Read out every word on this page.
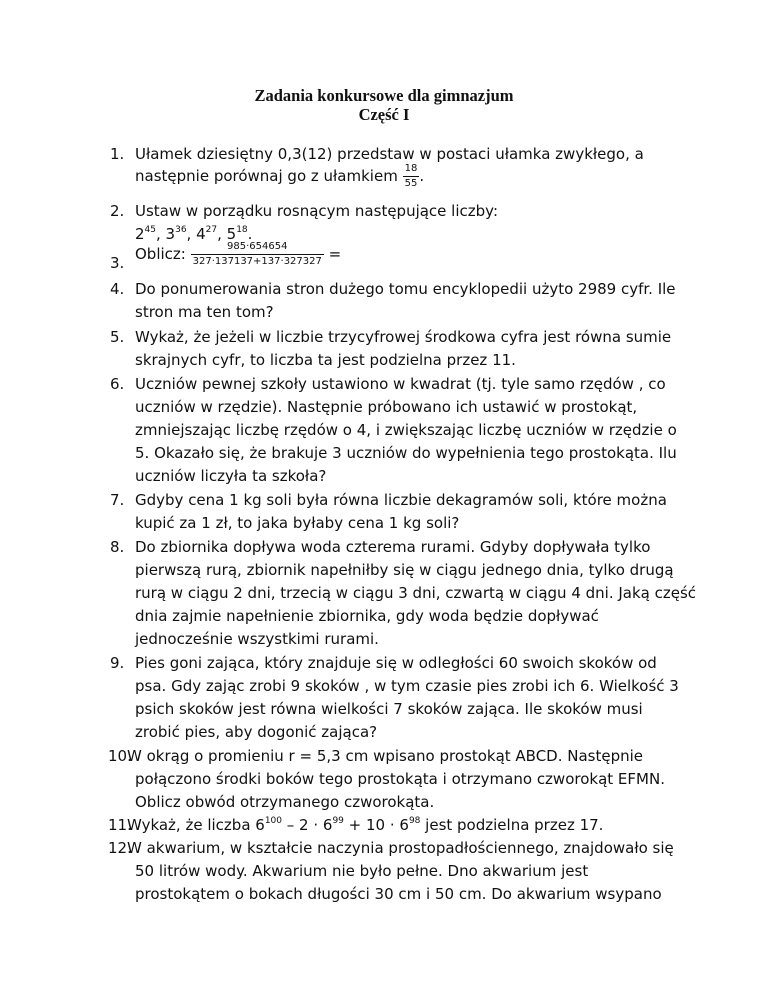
Zadania konkursowe dla gimnazjum
Część I
1. Ułamek dziesiętny 0,3(12) przedstaw w postaci ułamka zwykłego, a
następnie porównaj go z ułamkiem $\frac{18}{55}$ .
2. Ustaw w porządku rosnącym następujące liczby:
$2^{45}$, $3^{36}$, $4^{27}$, $5^{18}$.
3. Oblicz: $\frac{985\cdot 654654}{327\cdot 137137+137\cdot 327327}$ =
4. Do ponumerowania stron dużego tomu encyklopedii użyto 2989 cyfr. Ile
stron ma ten tom?
5. Wykaż, że jeżeli w liczbie trzycyfrowej środkowa cyfra jest równa sumie
skrajnych cyfr, to liczba ta jest podzielna przez 11.
6. Uczniów pewnej szkoły ustawiono w kwadrat (tj. tyle samo rzędów , co
uczniów w rzędzie). Następnie próbowano ich ustawić w prostokąt,
zmniejszając liczbę rzędów o 4, i zwiększając liczbę uczniów w rzędzie o
5. Okazało się, że brakuje 3 uczniów do wypełnienia tego prostokąta. Ilu
uczniów liczyła ta szkoła?
7. Gdyby cena 1 kg soli była równa liczbie dekagramów soli, które można
kupić za 1 zł, to jaka byłaby cena 1 kg soli?
8. Do zbiornika dopływa woda czterema rurami. Gdyby dopływała tylko
pierwszą rurą, zbiornik napełniłby się w ciągu jednego dnia, tylko drugą
rurą w ciągu 2 dni, trzecią w ciągu 3 dni, czwartą w ciągu 4 dni. Jaką część
dnia zajmie napełnienie zbiornika, gdy woda będzie dopływać
jednocześnie wszystkimi rurami.
9. Pies goni zająca, który znajduje się w odległości 60 swoich skoków od
psa. Gdy zając zrobi 9 skoków , w tym czasie pies zrobi ich 6. Wielkość 3
psich skoków jest równa wielkości 7 skoków zająca. Ile skoków musi
zrobić pies, aby dogonić zająca?
10.
W okrąg o promieniu r = 5,3 cm wpisano prostokąt ABCD. Następnie
połączono środki boków tego prostokąta i otrzymano czworokąt EFMN.
Oblicz obwód otrzymanego czworokąta.
11.
Wykaż, że liczba $6^{100} - 2 \cdot 6^{99} + 10 \cdot 6^{98}$ jest podzielna przez 17.
12.
W akwarium, w kształcie naczynia prostopadłościennego, znajdowało się
50 litrów wody. Akwarium nie było pełne. Dno akwarium jest
prostokątem o bokach długości 30 cm i 50 cm. Do akwarium wsypano
